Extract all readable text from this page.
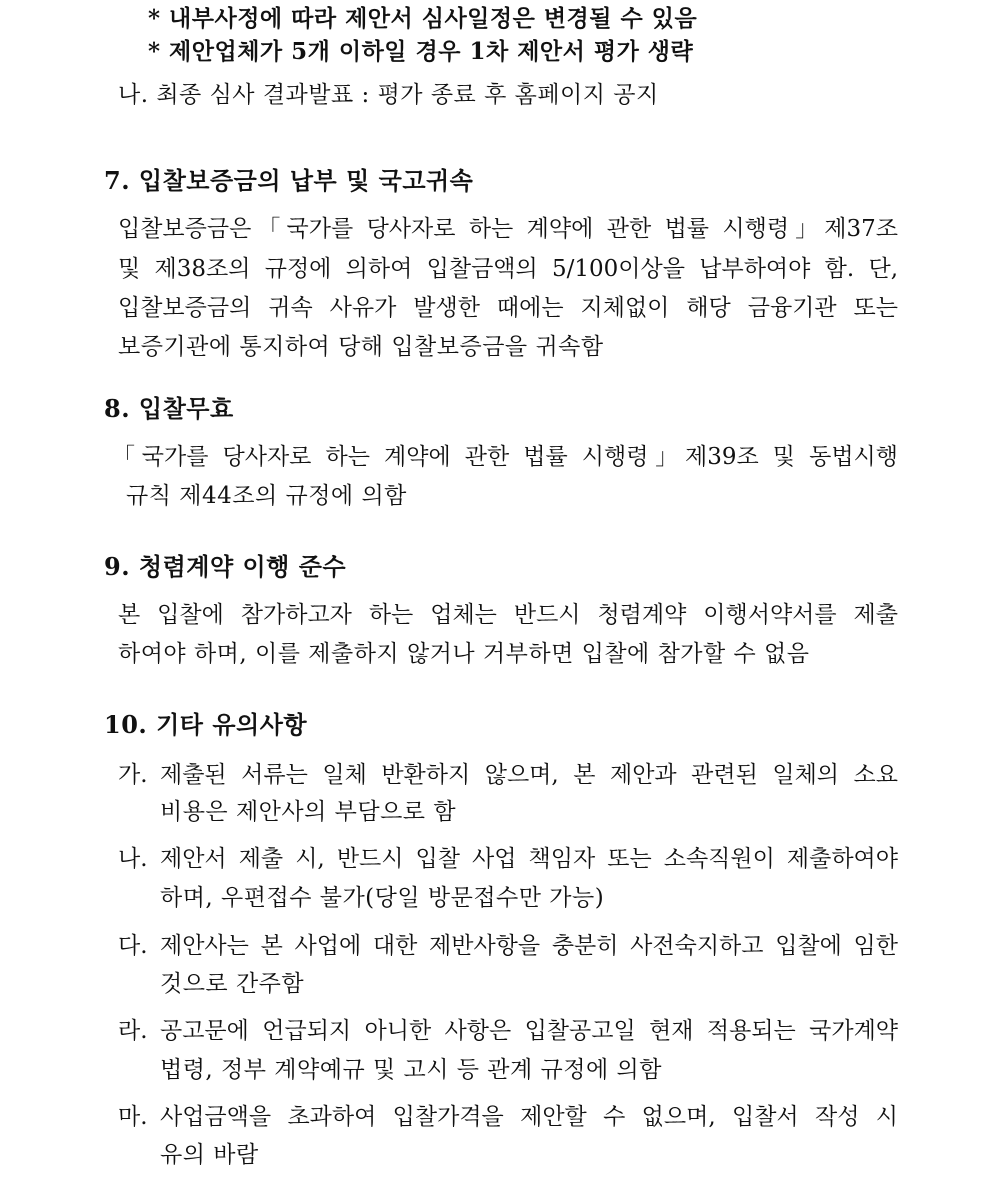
* 내부사정에 따라 제안서 심사일정은 변경될 수 있음
* 제안업체가 5개 이하일 경우 1차 제안서 평가 생략
나. 최종 심사 결과발표 : 평가 종료 후 홈페이지 공지
7. 입찰보증금의 납부 및 국고귀속
입찰보증금은「국가를 당사자로 하는 계약에 관한 법률 시행령」제37조
및 제38조의 규정에 의하여 입찰금액의 5/100이상을 납부하여야 함. 단,
입찰보증금의 귀속 사유가 발생한 때에는 지체없이 해당 금융기관 또는
보증기관에 통지하여 당해 입찰보증금을 귀속함
8. 입찰무효
「국가를 당사자로 하는 계약에 관한 법률 시행령」제39조 및 동법시행
규칙 제44조의 규정에 의함
9. 청렴계약 이행 준수
본 입찰에 참가하고자 하는 업체는 반드시 청렴계약 이행서약서를 제출
하여야 하며, 이를 제출하지 않거나 거부하면 입찰에 참가할 수 없음
10. 기타 유의사항
가. 제출된 서류는 일체 반환하지 않으며, 본 제안과 관련된 일체의 소요
비용은 제안사의 부담으로 함
나. 제안서 제출 시, 반드시 입찰 사업 책임자 또는 소속직원이 제출하여야
하며, 우편접수 불가(당일 방문접수만 가능)
다. 제안사는 본 사업에 대한 제반사항을 충분히 사전숙지하고 입찰에 임한
것으로 간주함
라. 공고문에 언급되지 아니한 사항은 입찰공고일 현재 적용되는 국가계약
법령, 정부 계약예규 및 고시 등 관계 규정에 의함
마. 사업금액을 초과하여 입찰가격을 제안할 수 없으며, 입찰서 작성 시
유의 바람
